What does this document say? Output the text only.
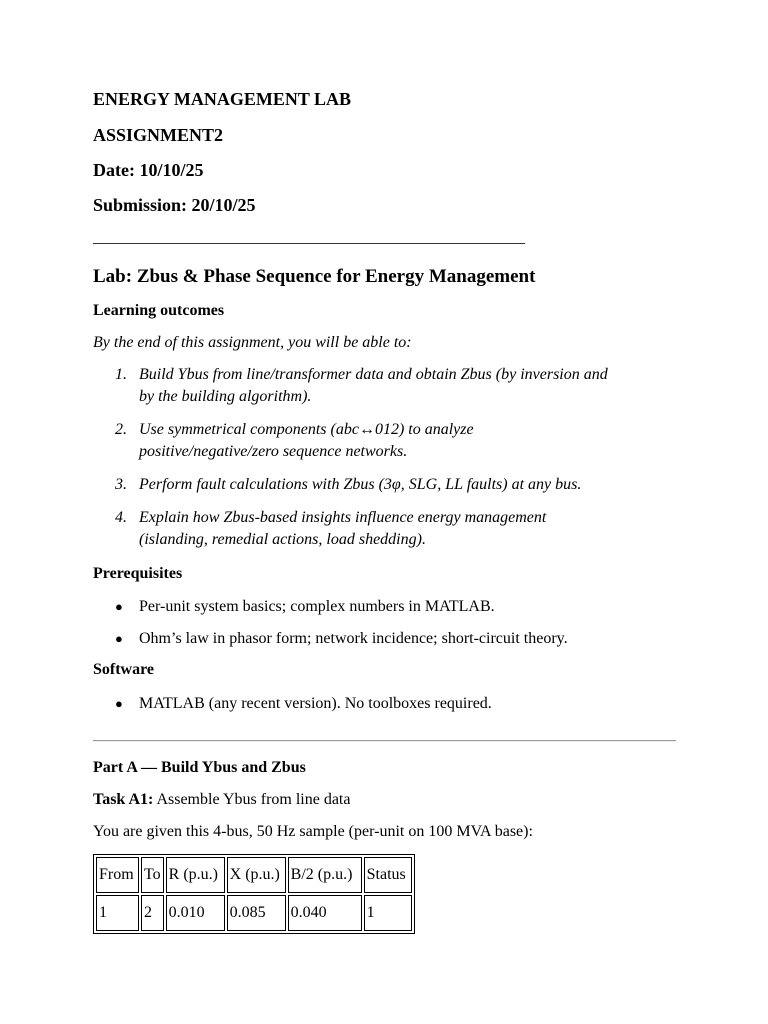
ENERGY MANAGEMENT LAB
ASSIGNMENT2
Date: 10/10/25
Submission: 20/10/25
______________________________________________________
Lab: Zbus & Phase Sequence for Energy Management
Learning outcomes
By the end of this assignment, you will be able to:
1. Build Ybus from line/transformer data and obtain Zbus (by inversion and
by the building algorithm).
2. Use symmetrical components (abc↔012) to analyze
positive/negative/zero sequence networks.
3. Perform fault calculations with Zbus (3φ, SLG, LL faults) at any bus.
4. Explain how Zbus-based insights influence energy management
(islanding, remedial actions, load shedding).
Prerequisites
● Per-unit system basics; complex numbers in MATLAB.
● Ohm’s law in phasor form; network incidence; short-circuit theory.
Software
● MATLAB (any recent version). No toolboxes required.
Part A — Build Ybus and Zbus
Task A1: Assemble Ybus from line data
You are given this 4-bus, 50 Hz sample (per-unit on 100 MVA base):
From	To	R (p.u.)	X (p.u.)	B/2 (p.u.)	Status
1	2	0.010	0.085	0.040	1
